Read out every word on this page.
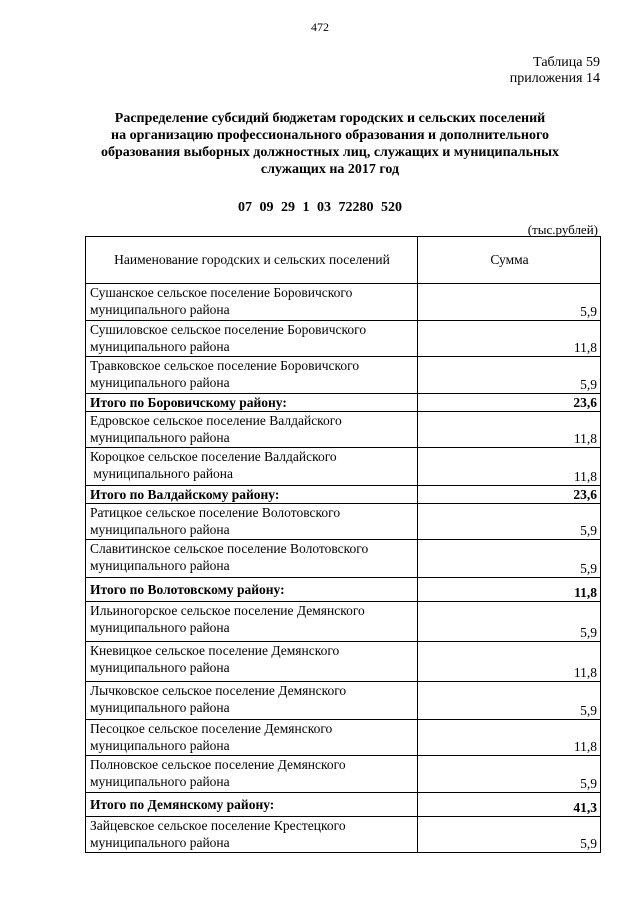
472
Таблица 59
приложения 14
Распределение субсидий бюджетам городских и сельских поселений
на организацию профессионального образования и дополнительного
образования выборных должностных лиц, служащих и муниципальных
служащих на 2017 год
07 09 29 1 03 72280 520
(тыс.рублей)
Наименование городских и сельских поселений	Сумма

Сушанское сельское поселение Боровичского
муниципального района	5,9

Сушиловское сельское поселение Боровичского
муниципального района	11,8

Травковское сельское поселение Боровичского
муниципального района	5,9

Итого по Боровичскому району:	23,6

Едровское сельское поселение Валдайского
муниципального района	11,8

Короцкое сельское поселение Валдайского
муниципального района	11,8

Итого по Валдайскому району:	23,6

Ратицкое сельское поселение Волотовского
муниципального района	5,9

Славитинское сельское поселение Волотовского
муниципального района	5,9

Итого по Волотовскому району:	11,8

Ильиногорское сельское поселение Демянского
муниципального района	5,9

Кневицкое сельское поселение Демянского
муниципального района	11,8

Лычковское сельское поселение Демянского
муниципального района	5,9

Песоцкое сельское поселение Демянского
муниципального района	11,8

Полновское сельское поселение Демянского
муниципального района	5,9

Итого по Демянскому району:	41,3

Зайцевское сельское поселение Крестецкого
муниципального района	5,9
